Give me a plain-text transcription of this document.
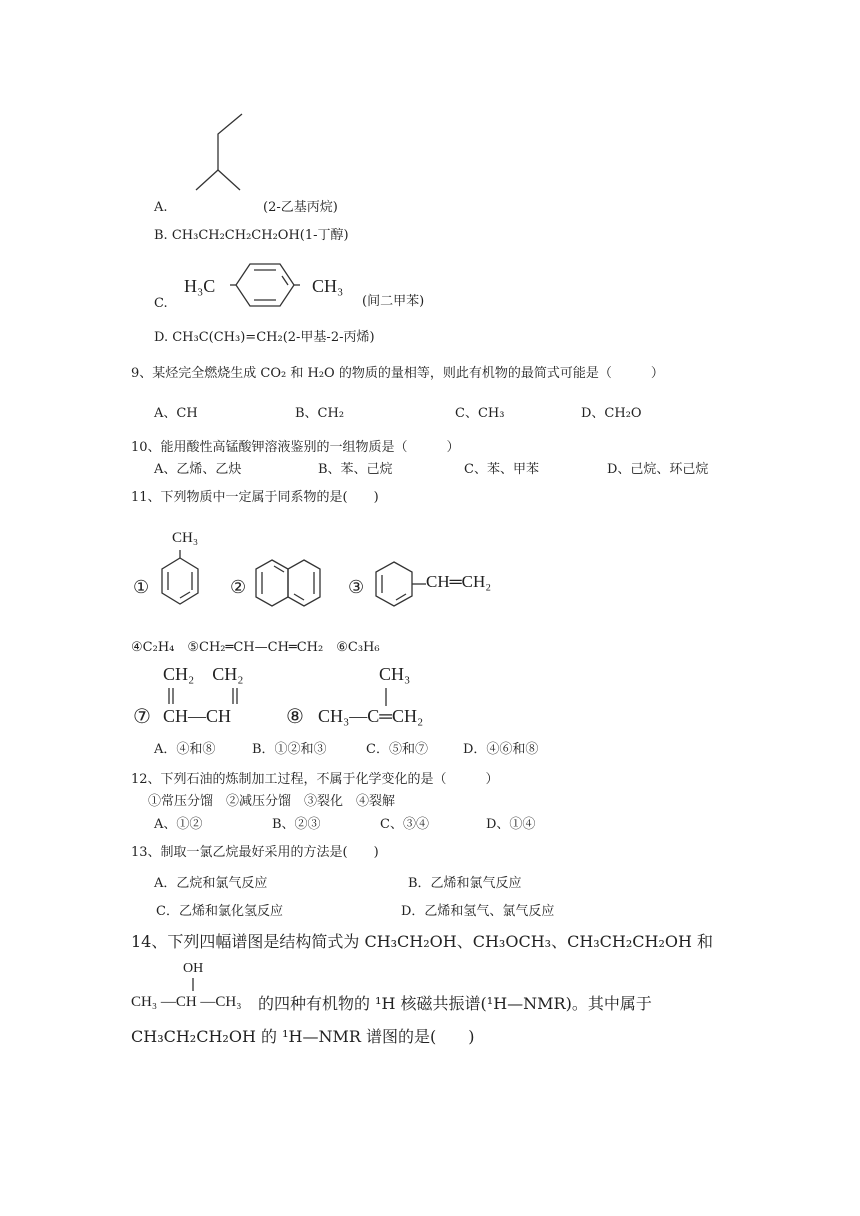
A.	(2-乙基丙烷)
B. CH₃CH₂CH₂CH₂OH(1-丁醇)
C.
H₃C	CH₃
(间二甲苯)
D. CH₃C(CH₃)=CH₂(2-甲基-2-丙烯)
9、某烃完全燃烧生成 CO₂ 和 H₂O 的物质的量相等，则此有机物的最简式可能是（　　　）
A、CH	B、CH₂	C、CH₃	D、CH₂O
10、能用酸性高锰酸钾溶液鉴别的一组物质是（　　　）
A、乙烯、乙炔	B、苯、己烷	C、苯、甲苯	D、己烷、环己烷
11、下列物质中一定属于同系物的是(　　)
①
CH₃
②	③	CH═CH₂
④C₂H₄　⑤CH₂═CH—CH═CH₂　⑥C₃H₆
⑦
CH₂　CH₂
CH—CH	⑧
CH₃
CH₃—C═CH₂
A．④和⑧	B．①②和③	C．⑤和⑦	D．④⑥和⑧
12、下列石油的炼制加工过程，不属于化学变化的是（　　　）
①常压分馏　②减压分馏　③裂化　④裂解
A、①②	B、②③	C、③④	D、①④
13、制取一氯乙烷最好采用的方法是(　　)
A．乙烷和氯气反应	B．乙烯和氯气反应
C．乙烯和氯化氢反应	D．乙烯和氢气、氯气反应
14、下列四幅谱图是结构简式为 CH₃CH₂OH、CH₃OCH₃、CH₃CH₂CH₂OH 和
OH
CH₃ —CH —CH₃ 的四种有机物的 ¹H 核磁共振谱(¹H—NMR)。其中属于
CH₃CH₂CH₂OH 的 ¹H—NMR 谱图的是(　　)
